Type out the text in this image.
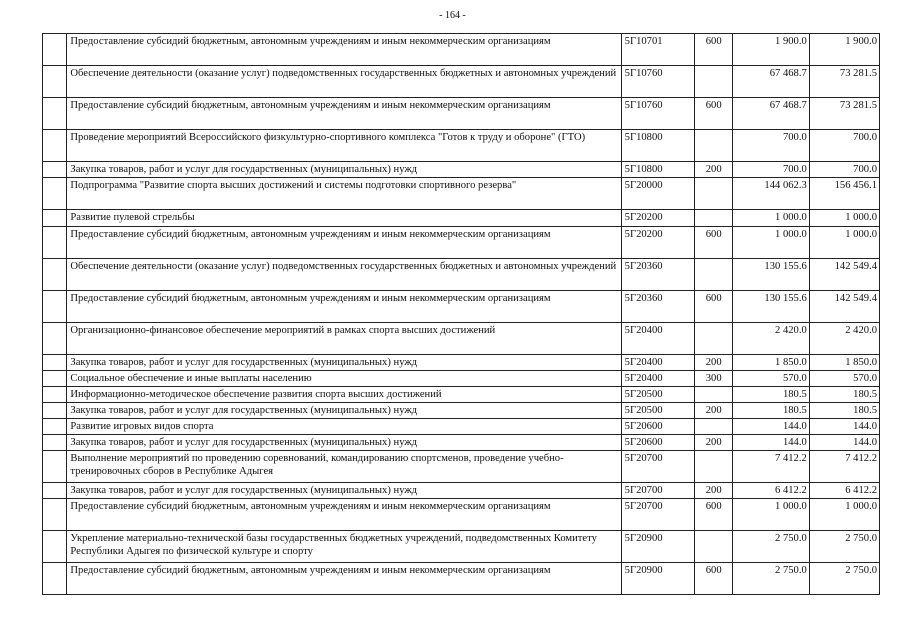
- 164 -
	Предоставление субсидий бюджетным, автономным учреждениям и иным некоммерческим организациям	5Г10701	600	1 900.0	1 900.0
	Обеспечение деятельности (оказание услуг) подведомственных государственных бюджетных и автономных учреждений	5Г10760		67 468.7	73 281.5
	Предоставление субсидий бюджетным, автономным учреждениям и иным некоммерческим организациям	5Г10760	600	67 468.7	73 281.5
	Проведение мероприятий Всероссийского физкультурно-спортивного комплекса "Готов к труду и обороне" (ГТО)	5Г10800		700.0	700.0
	Закупка товаров, работ и услуг для государственных (муниципальных) нужд	5Г10800	200	700.0	700.0
	Подпрограмма "Развитие спорта высших достижений и системы подготовки спортивного резерва"	5Г20000		144 062.3	156 456.1
	Развитие пулевой стрельбы	5Г20200		1 000.0	1 000.0
	Предоставление субсидий бюджетным, автономным учреждениям и иным некоммерческим организациям	5Г20200	600	1 000.0	1 000.0
	Обеспечение деятельности (оказание услуг) подведомственных государственных бюджетных и автономных учреждений	5Г20360		130 155.6	142 549.4
	Предоставление субсидий бюджетным, автономным учреждениям и иным некоммерческим организациям	5Г20360	600	130 155.6	142 549.4
	Организационно-финансовое обеспечение мероприятий в рамках спорта высших достижений	5Г20400		2 420.0	2 420.0
	Закупка товаров, работ и услуг для государственных (муниципальных) нужд	5Г20400	200	1 850.0	1 850.0
	Социальное обеспечение и иные выплаты населению	5Г20400	300	570.0	570.0
	Информационно-методическое обеспечение развития спорта высших достижений	5Г20500		180.5	180.5
	Закупка товаров, работ и услуг для государственных (муниципальных) нужд	5Г20500	200	180.5	180.5
	Развитие игровых видов спорта	5Г20600		144.0	144.0
	Закупка товаров, работ и услуг для государственных (муниципальных) нужд	5Г20600	200	144.0	144.0
	Выполнение мероприятий по проведению соревнований, командированию спортсменов, проведение учебно-тренировочных сборов в Республике Адыгея	5Г20700		7 412.2	7 412.2
	Закупка товаров, работ и услуг для государственных (муниципальных) нужд	5Г20700	200	6 412.2	6 412.2
	Предоставление субсидий бюджетным, автономным учреждениям и иным некоммерческим организациям	5Г20700	600	1 000.0	1 000.0
	Укрепление материально-технической базы государственных бюджетных учреждений, подведомственных Комитету Республики Адыгея по физической культуре и спорту	5Г20900		2 750.0	2 750.0
	Предоставление субсидий бюджетным, автономным учреждениям и иным некоммерческим организациям	5Г20900	600	2 750.0	2 750.0
